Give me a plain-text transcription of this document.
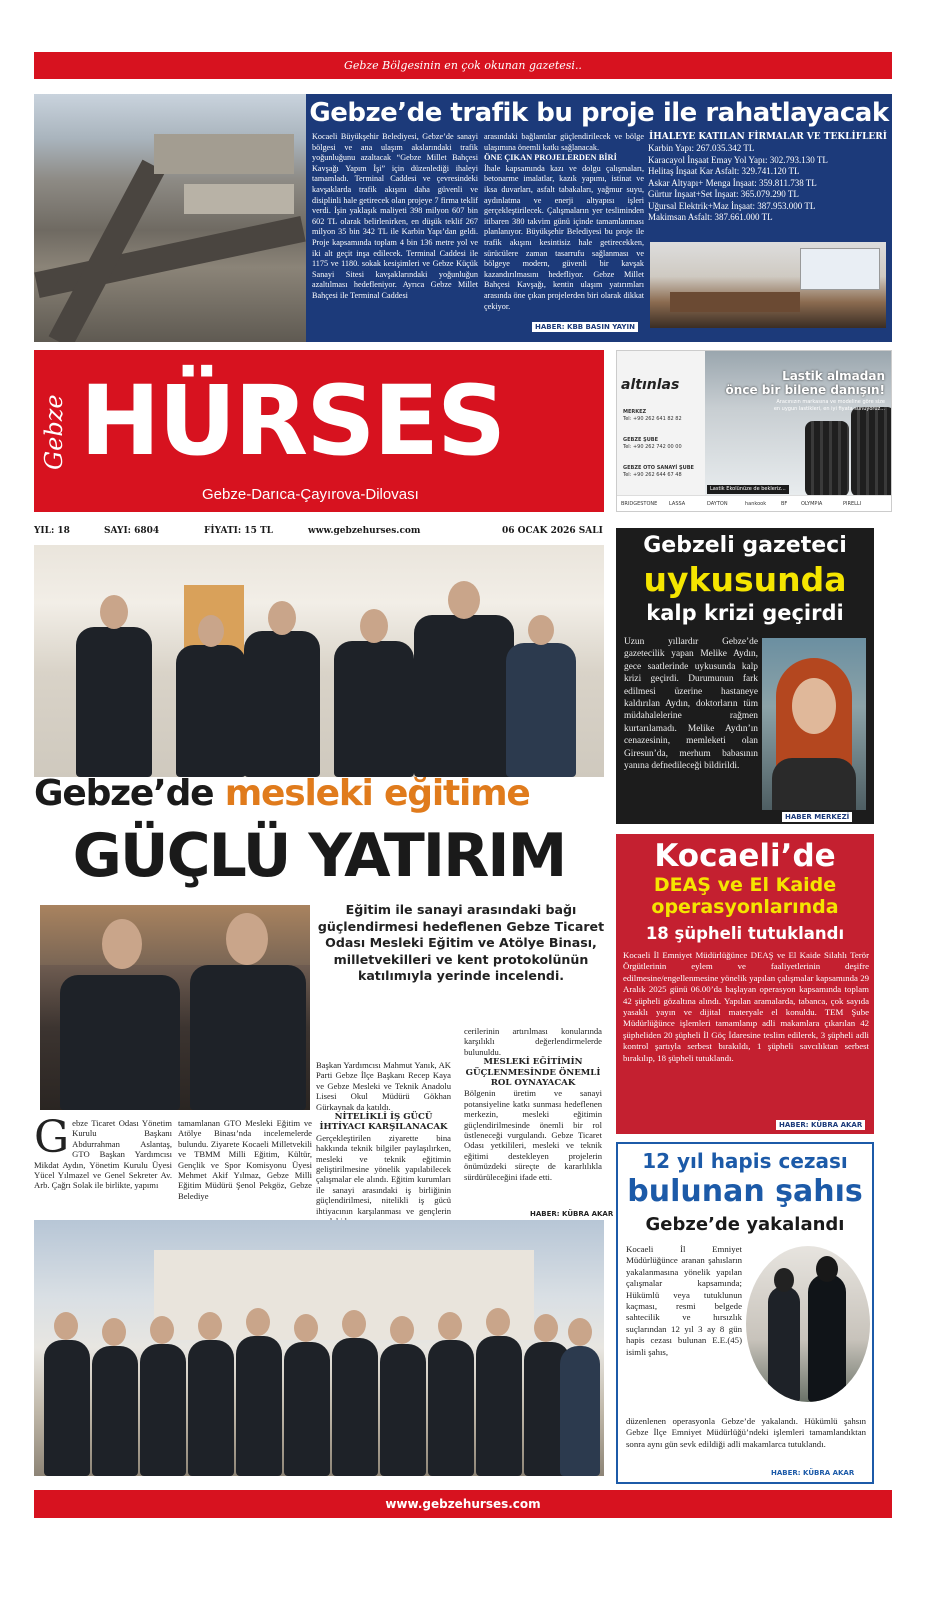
Gebze Bölgesinin en çok okunan gazetesi..
Gebze’de trafik bu proje ile rahatlayacak
Kocaeli Büyükşehir Belediyesi, Gebze’de sanayi bölgesi ve ana ulaşım akslarındaki trafik yoğunluğunu azaltacak “Gebze Millet Bahçesi Kavşağı Yapım İşi” için düzenlediği ihaleyi tamamladı. Terminal Caddesi ve çevresindeki kavşaklarda trafik akışını daha güvenli ve disiplinli hale getirecek olan projeye 7 firma teklif verdi. İşin yaklaşık maliyeti 398 milyon 607 bin 602 TL olarak belirlenirken, en düşük teklif 267 milyon 35 bin 342 TL ile Karbin Yapı’dan geldi. Proje kapsamında toplam 4 bin 136 metre yol ve iki alt geçit inşa edilecek. Terminal Caddesi ile 1175 ve 1180. sokak kesişimleri ve Gebze Küçük Sanayi Sitesi kavşaklarındaki yoğunluğun azaltılması hedefleniyor. Ayrıca Gebze Millet Bahçesi ile Terminal Caddesi
arasındaki bağlantılar güçlendirilecek ve bölge ulaşımına önemli katkı sağlanacak.
ÖNE ÇIKAN PROJELERDEN BİRİ
İhale kapsamında kazı ve dolgu çalışmaları, betonarme imalatlar, kazık yapımı, istinat ve iksa duvarları, asfalt tabakaları, yağmur suyu, aydınlatma ve enerji altyapısı işleri gerçekleştirilecek. Çalışmaların yer tesliminden itibaren 380 takvim günü içinde tamamlanması planlanıyor. Büyükşehir Belediyesi bu proje ile trafik akışını kesintisiz hale getirecekken, sürücülere zaman tasarrufu sağlanması ve bölgeye modern, güvenli bir kavşak kazandırılmasını hedefliyor. Gebze Millet Bahçesi Kavşağı, kentin ulaşım yatırımları arasında öne çıkan projelerden biri olarak dikkat çekiyor.
İHALEYE KATILAN FİRMALAR VE TEKLİFLERİ
Karbin Yapı: 267.035.342 TL
Karacayol İnşaat Emay Yol Yapı: 302.793.130 TL
Helitaş İnşaat Kar Asfalt: 329.741.120 TL
Askar Altyapı+ Menga İnşaat: 359.811.738 TL
Gürtur İnşaat+Set İnşaat: 365.079.290 TL
Uğursal Elektrik+Maz İnşaat: 387.953.000 TL
Makimsan Asfalt: 387.661.000 TL
HABER: KBB BASIN YAYIN
Gebze HÜRSES
Gebze-Darıca-Çayırova-Dilovası
altınlas
MERKEZ
Tel: +90 262 641 82 82
GEBZE ŞUBE
Tel: +90 262 742 00 00
GEBZE OTO SANAYİ ŞUBE
Tel: +90 262 644 67 48
Lastik almadan
önce bir bilene danışın!
Aracınızın markasına ve modeline göre size
en uygun lastikleri, en iyi fiyata sunuyoruz...
Lastik Ekolünüze de bekleriz...
BRIDGESTONE LASSA	DAYTON	hankook	BF	OLYMPIA	PIRELLI
YIL: 18	SAYI: 6804	FİYATI: 15 TL	www.gebzehurses.com	06 OCAK 2026 SALI
Gebze’de mesleki eğitime
GÜÇLÜ YATIRIM
Eğitim ile sanayi arasındaki bağı güçlendirmesi hedeflenen Gebze Ticaret Odası Mesleki Eğitim ve Atölye Binası, milletvekilleri ve kent protokolünün katılımıyla yerinde incelendi.
Başkan Yardımcısı Mahmut Yanık, AK Parti Gebze İlçe Başkanı Recep Kaya ve Gebze Mesleki ve Teknik Anadolu Lisesi Okul Müdürü Gökhan Gürkaynak da katıldı.
NİTELİKLİ İŞ GÜCÜ İHTİYACI KARŞILANACAK
Gerçekleştirilen ziyarette bina hakkında teknik bilgiler paylaşılırken, mesleki ve teknik eğitimin geliştirilmesine yönelik yapılabilecek çalışmalar ele alındı. Eğitim kurumları ile sanayi arasındaki iş birliğinin güçlendirilmesi, nitelikli iş gücü ihtiyacının karşılanması ve gençlerin
cerilerinin artırılması konularında karşılıklı değerlendirmelerde bulunuldu.
MESLEKİ EĞİTİMİN GÜÇLENMESİNDE ÖNEMLİ ROL OYNAYACAK
Bölgenin üretim ve sanayi potansiyeline katkı sunması hedeflenen merkezin, mesleki eğitimin güçlendirilmesinde önemli bir rol üstleneceği vurgulandı. Gebze Ticaret Odası yetkilileri, mesleki ve teknik eğitimi destekleyen projelerin önümüzdeki süreçte de kararlılıkla sürdürüleceğini ifade etti.
Gebze Ticaret Odası Yönetim Kurulu Başkanı Abdurrahman Aslantaş, GTO Başkan Yardımcısı Mikdat Aydın, Yönetim Kurulu Üyesi Yücel Yılmazel ve Genel Sekreter Av. Arb. Çağrı Solak ile birlikte, yapımı
tamamlanan GTO Mesleki Eğitim ve Atölye Binası’nda incelemelerde bulundu. Ziyarete Kocaeli Milletvekili ve TBMM Milli Eğitim, Kültür, Gençlik ve Spor Komisyonu Üyesi Mehmet Akif Yılmaz, Gebze Milli Eğitim Müdürü Şenol Pekgöz, Gebze Belediye
HABER: KÜBRA AKAR
Gebzeli gazeteci
uykusunda
kalp krizi geçirdi
Uzun yıllardır Gebze’de gazetecilik yapan Melike Aydın, gece saatlerinde uykusunda kalp krizi geçirdi. Durumunun fark edilmesi üzerine hastaneye kaldırılan Aydın, doktorların tüm müdahalelerine rağmen kurtarılamadı. Melike Aydın’ın cenazesinin, memleketi olan Giresun’da, merhum babasının yanına defnedileceği bildirildi.
HABER MERKEZİ
Kocaeli’de
DEAŞ ve El Kaide operasyonlarında
18 şüpheli tutuklandı
Kocaeli İl Emniyet Müdürlüğünce DEAŞ ve El Kaide Silahlı Terör Örgütlerinin eylem ve faaliyetlerinin deşifre edilmesine/engellenmesine yönelik yapılan çalışmalar kapsamında 29 Aralık 2025 günü 06.00’da başlayan operasyon kapsamında toplam 42 şüpheli gözaltına alındı. Yapılan aramalarda, tabanca, çok sayıda yasaklı yayın ve dijital materyale el konuldu. TEM Şube Müdürlüğünce işlemleri tamamlanıp adli makamlara çıkarılan 42 şüpheliden 20 şüpheli İl Göç İdaresine teslim edilerek, 3 şüpheli adli kontrol şartıyla serbest bırakıldı, 1 şüpheli savcılıktan serbest bırakılıp, 18 şüpheli tutuklandı.
HABER: KÜBRA AKAR
12 yıl hapis cezası
bulunan şahıs
Gebze’de yakalandı
Kocaeli İl Emniyet Müdürlüğünce aranan şahısların yakalanmasına yönelik yapılan çalışmalar kapsamında; Hükümlü veya tutuklunun kaçması, resmi belgede sahtecilik ve hırsızlık suçlarından 12 yıl 3 ay 8 gün hapis cezası bulunan E.E.(45) isimli şahıs,
düzenlenen operasyonla Gebze’de yakalandı. Hükümlü şahsın Gebze İlçe Emniyet Müdürlüğü’ndeki işlemleri tamamlandıktan sonra aynı gün sevk edildiği adli makamlarca tutuklandı.
HABER: KÜBRA AKAR
www.gebzehurses.com
